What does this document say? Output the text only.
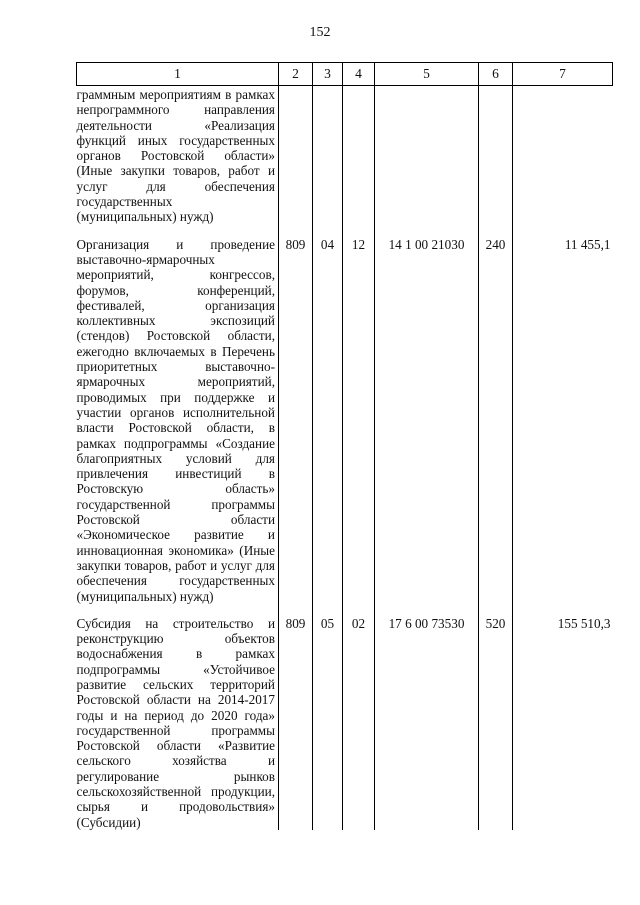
152
1	2	3	4	5	6	7
граммным мероприятиям в рамках непрограммного направления деятельности «Реализация функций иных государственных органов Ростовской области» (Иные закупки товаров, работ и услуг для обеспечения государственных (муниципальных) нужд)						

Организация и проведение выставочно-ярмарочных мероприятий, конгрессов, форумов, конференций, фестивалей, организация коллективных экспозиций (стендов) Ростовской области, ежегодно включаемых в Перечень приоритетных выставочно-ярмарочных мероприятий, проводимых при поддержке и участии органов исполнительной власти Ростовской области, в рамках подпрограммы «Создание благоприятных условий для привлечения инвестиций в Ростовскую область» государственной программы Ростовской области «Экономическое развитие и инновационная экономика» (Иные закупки товаров, работ и услуг для обеспечения государственных (муниципальных) нужд)	809	04	12	14 1 00 21030	240	11 455,1

Субсидия на строительство и реконструкцию объектов водоснабжения в рамках подпрограммы «Устойчивое развитие сельских территорий Ростовской области на 2014-2017 годы и на период до 2020 года» государственной программы Ростовской области «Развитие сельского хозяйства и регулирование рынков сельскохозяйственной продукции, сырья и продовольствия» (Субсидии)	809	05	02	17 6 00 73530	520	155 510,3
